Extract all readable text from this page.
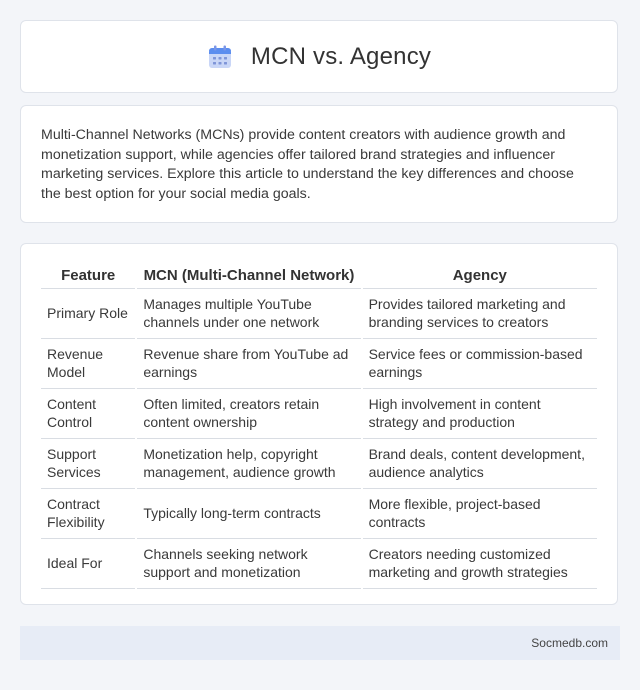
MCN vs. Agency

Multi-Channel Networks (MCNs) provide content creators with audience growth and monetization support, while agencies offer tailored brand strategies and influencer marketing services. Explore this article to understand the key differences and choose the best option for your social media goals.

Feature	MCN (Multi-Channel Network)	Agency
Primary Role	Manages multiple YouTube channels under one network	Provides tailored marketing and branding services to creators
Revenue Model	Revenue share from YouTube ad earnings	Service fees or commission-based earnings
Content Control	Often limited, creators retain content ownership	High involvement in content strategy and production
Support Services	Monetization help, copyright management, audience growth	Brand deals, content development, audience analytics
Contract Flexibility	Typically long-term contracts	More flexible, project-based contracts
Ideal For	Channels seeking network support and monetization	Creators needing customized marketing and growth strategies
Socmedb.com
